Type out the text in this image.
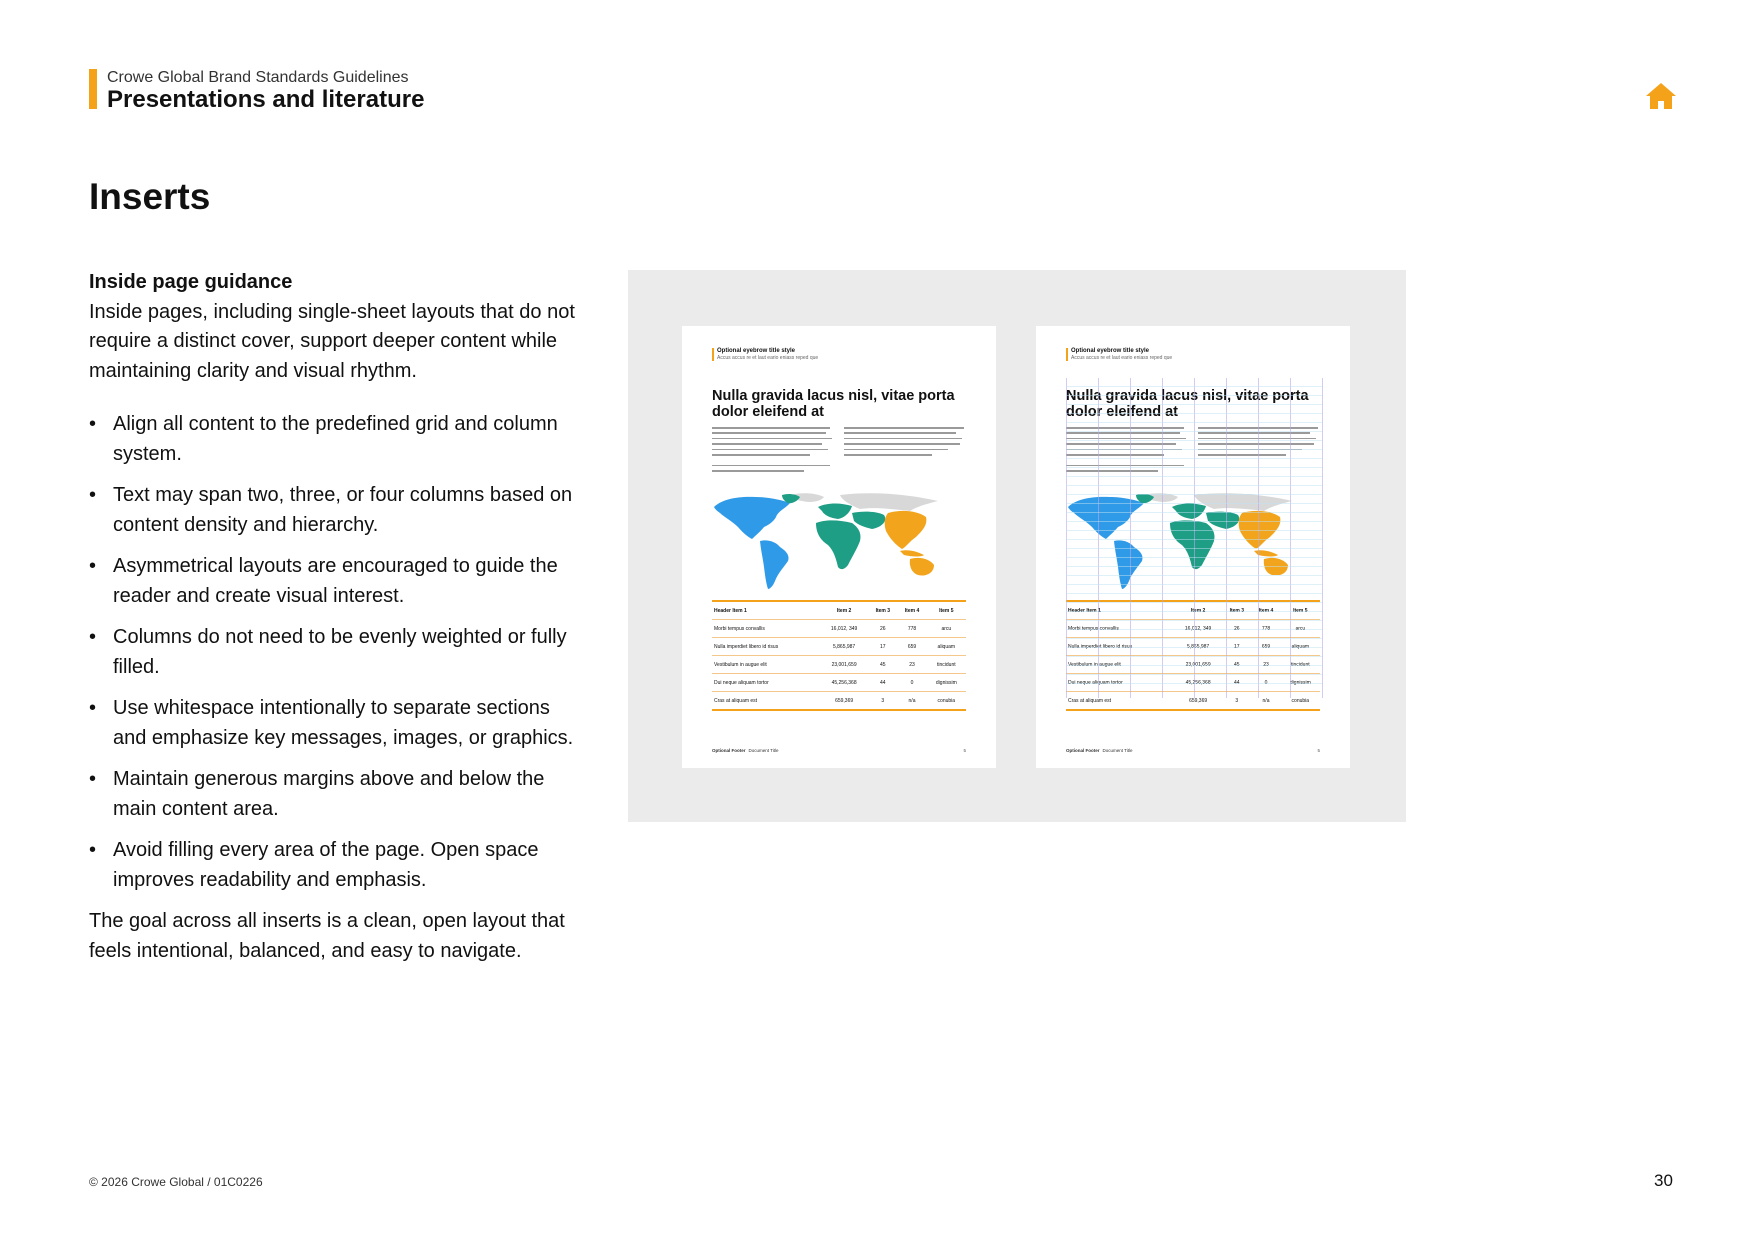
Crowe Global Brand Standards Guidelines
Presentations and literature
Inserts

Inside page guidance

Inside pages, including single-sheet layouts that do not require a distinct cover, support deeper content while maintaining clarity and visual rhythm.

• Align all content to the predefined grid and column system.
• Text may span two, three, or four columns based on content density and hierarchy.
• Asymmetrical layouts are encouraged to guide the reader and create visual interest.
• Columns do not need to be evenly weighted or fully filled.
• Use whitespace intentionally to separate sections and emphasize key messages, images, or graphics.
• Maintain generous margins above and below the main content area.
• Avoid filling every area of the page. Open space improves readability and emphasis.

The goal across all inserts is a clean, open layout that feels intentional, balanced, and easy to navigate.

Optional eyebrow title style
Accus accus re et laut eario eniass reped que
Nulla gravida lacus nisl, vitae porta dolor eleifend at
Header Item 1	Item 2	Item 3	Item 4	Item 5
Morbi tempus convallis	16,012, 349	26	778	arcu
Nulla imperdiet libero id risus	5,865,987	17	659	aliquam
Vestibulum in augue elit	23,001,659	45	23	tincidunt
Dui neque aliquam tortor	45,256,368	44	0	dignissim
Cras at aliquam est	659,369	3	n/a	conubia
Optional Footer Document Title	5
Optional eyebrow title style
Accus accus re et laut eario eniass reped que
Nulla gravida lacus nisl, vitae porta dolor eleifend at
Header Item 1	Item 2	Item 3	Item 4	Item 5
Morbi tempus convallis	16,012, 349	26	778	arcu
Nulla imperdiet libero id risus	5,865,987	17	659	aliquam
Vestibulum in augue elit	23,001,659	45	23	tincidunt
Dui neque aliquam tortor	45,256,368	44	0	dignissim
Cras at aliquam est	659,369	3	n/a	conubia
Optional Footer Document Title	5
© 2026 Crowe Global / 01C0226	30
